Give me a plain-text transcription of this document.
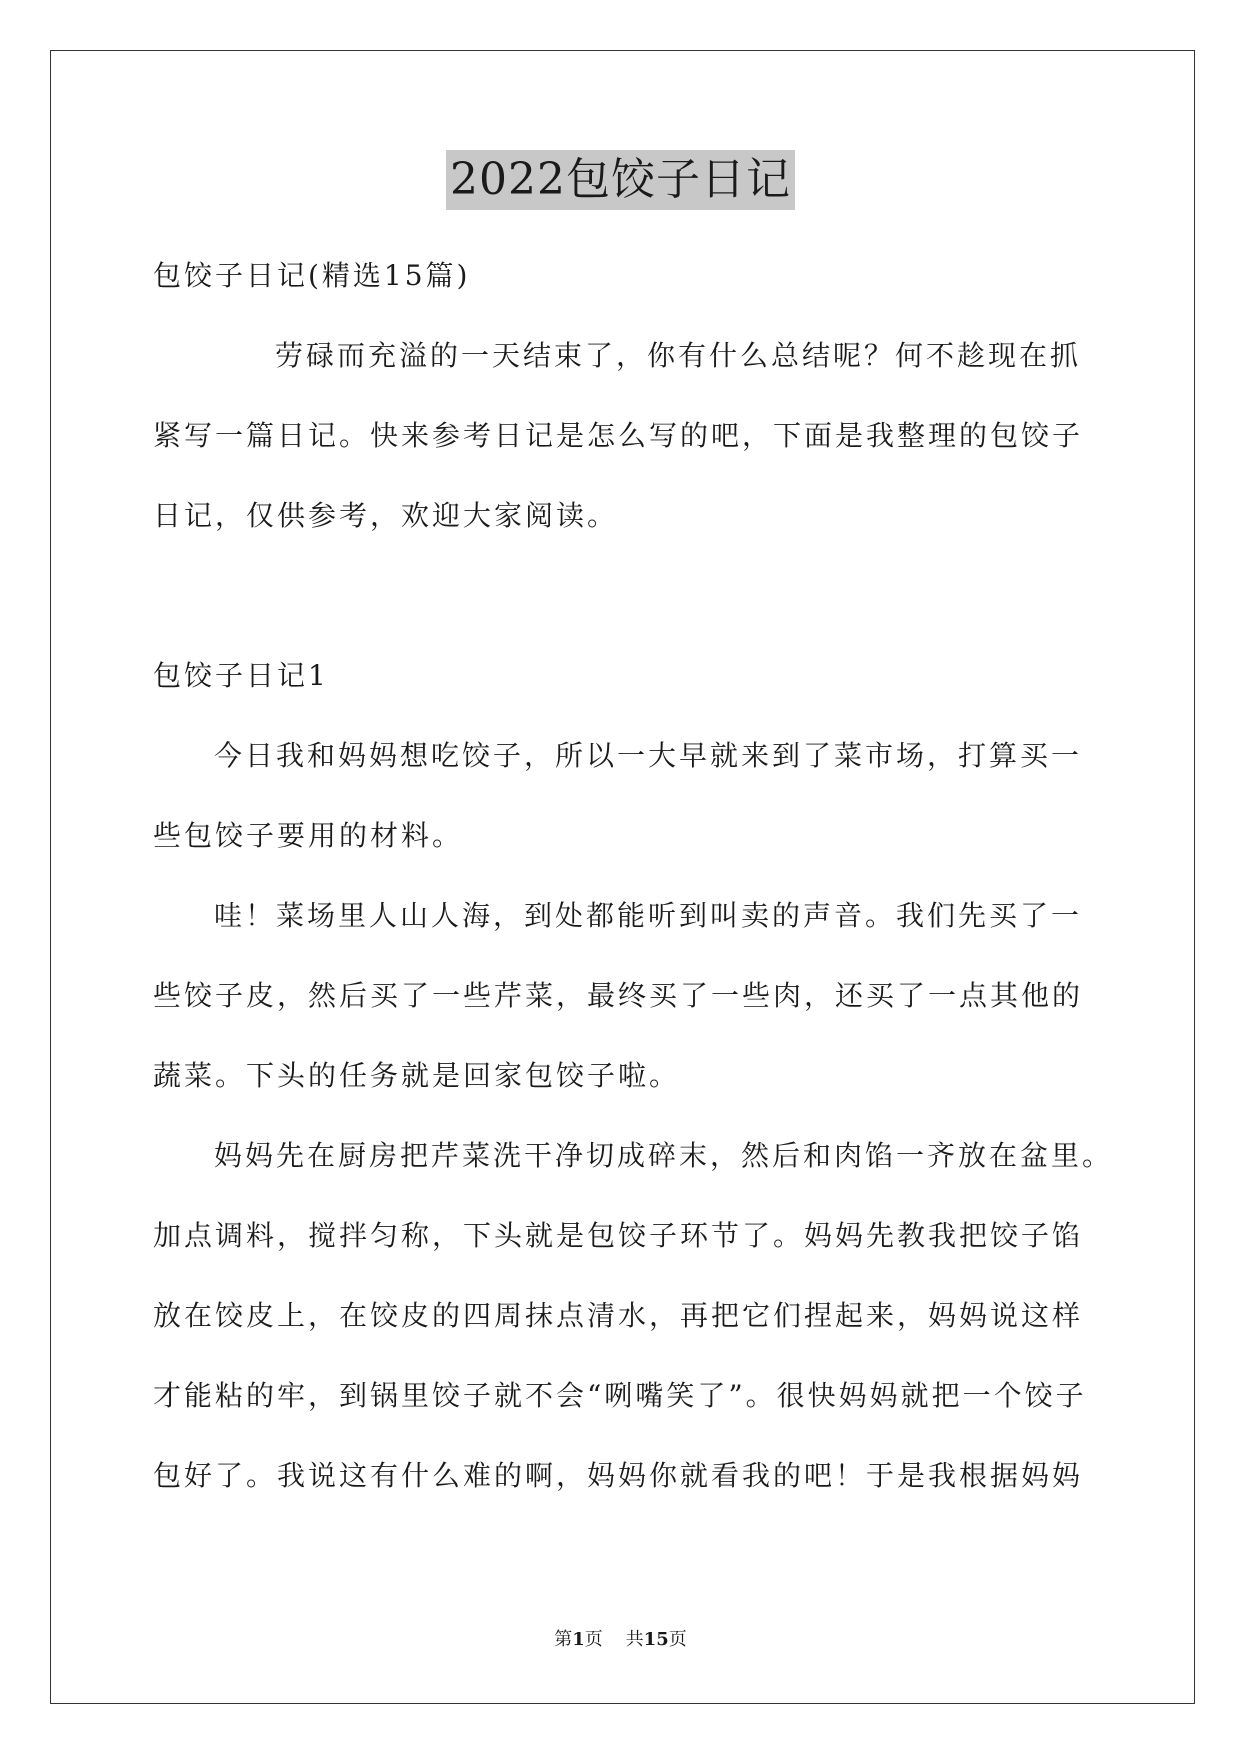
2022包饺子日记

包饺子日记(精选15篇)

劳碌而充溢的一天结束了，你有什么总结呢？何不趁现在抓

紧写一篇日记。快来参考日记是怎么写的吧，下面是我整理的包饺子

日记，仅供参考，欢迎大家阅读。

包饺子日记1

今日我和妈妈想吃饺子，所以一大早就来到了菜市场，打算买一

些包饺子要用的材料。

哇！菜场里人山人海，到处都能听到叫卖的声音。我们先买了一

些饺子皮，然后买了一些芹菜，最终买了一些肉，还买了一点其他的

蔬菜。下头的任务就是回家包饺子啦。

妈妈先在厨房把芹菜洗干净切成碎末，然后和肉馅一齐放在盆里。

加点调料，搅拌匀称，下头就是包饺子环节了。妈妈先教我把饺子馅

放在饺皮上，在饺皮的四周抹点清水，再把它们捏起来，妈妈说这样

才能粘的牢，到锅里饺子就不会“咧嘴笑了”。很快妈妈就把一个饺子

包好了。我说这有什么难的啊，妈妈你就看我的吧！于是我根据妈妈

第1页 共15页
